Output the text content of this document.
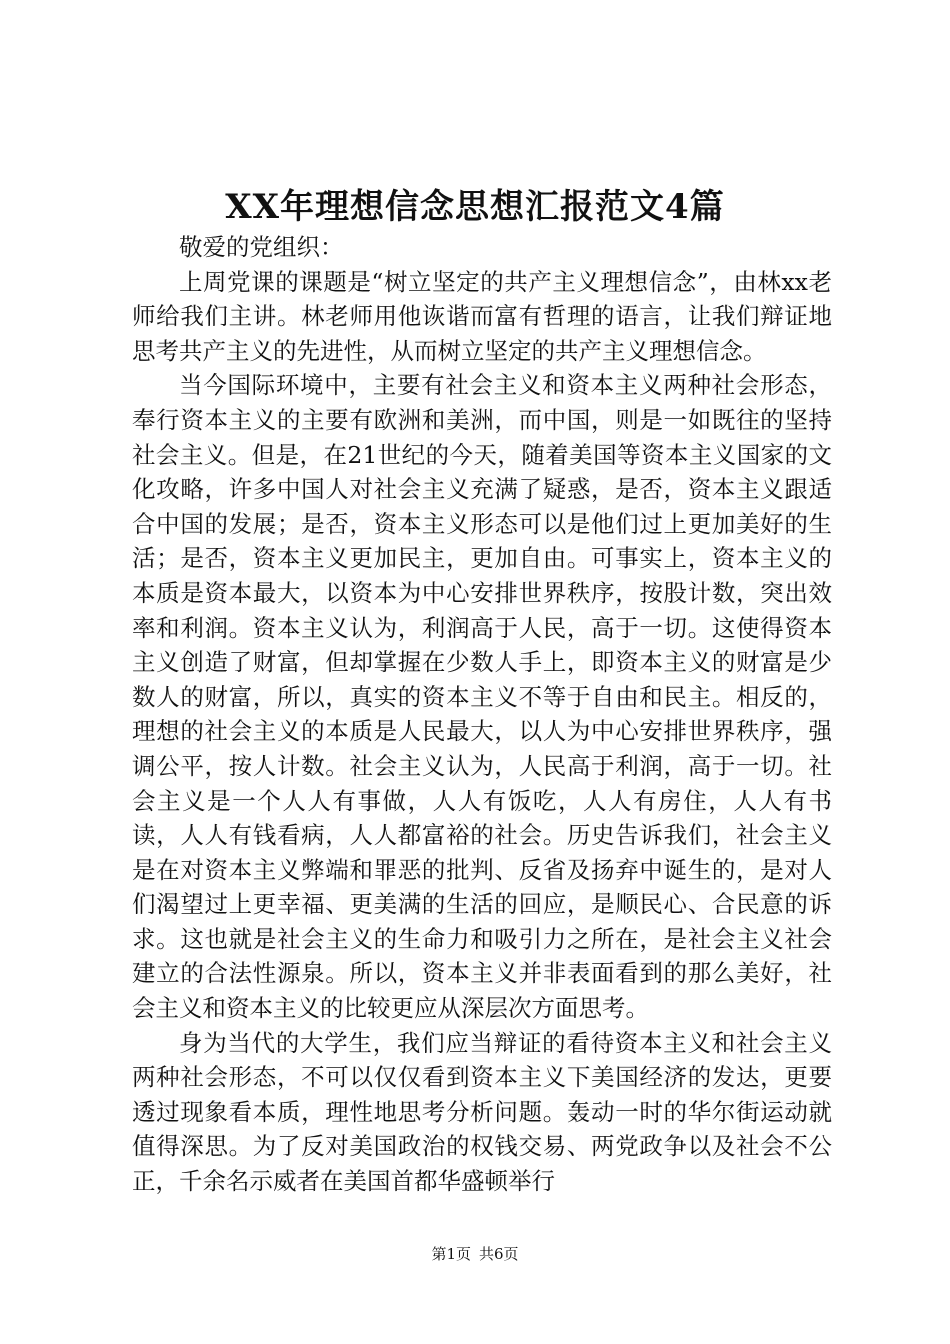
XX年理想信念思想汇报范文4篇

敬爱的党组织：

上周党课的课题是“树立坚定的共产主义理想信念”，由林xx老师给我们主讲。林老师用他诙谐而富有哲理的语言，让我们辩证地思考共产主义的先进性，从而树立坚定的共产主义理想信念。

当今国际环境中，主要有社会主义和资本主义两种社会形态，奉行资本主义的主要有欧洲和美洲，而中国，则是一如既往的坚持社会主义。但是，在21世纪的今天，随着美国等资本主义国家的文化攻略，许多中国人对社会主义充满了疑惑，是否，资本主义跟适合中国的发展；是否，资本主义形态可以是他们过上更加美好的生活；是否，资本主义更加民主，更加自由。可事实上，资本主义的本质是资本最大，以资本为中心安排世界秩序，按股计数，突出效率和利润。资本主义认为，利润高于人民，高于一切。这使得资本主义创造了财富，但却掌握在少数人手上，即资本主义的财富是少数人的财富，所以，真实的资本主义不等于自由和民主。相反的，理想的社会主义的本质是人民最大，以人为中心安排世界秩序，强调公平，按人计数。社会主义认为，人民高于利润，高于一切。社会主义是一个人人有事做，人人有饭吃，人人有房住，人人有书读，人人有钱看病，人人都富裕的社会。历史告诉我们，社会主义是在对资本主义弊端和罪恶的批判、反省及扬弃中诞生的，是对人们渴望过上更幸福、更美满的生活的回应，是顺民心、合民意的诉求。这也就是社会主义的生命力和吸引力之所在，是社会主义社会建立的合法性源泉。所以，资本主义并非表面看到的那么美好，社会主义和资本主义的比较更应从深层次方面思考。

身为当代的大学生，我们应当辩证的看待资本主义和社会主义两种社会形态，不可以仅仅看到资本主义下美国经济的发达，更要透过现象看本质，理性地思考分析问题。轰动一时的华尔街运动就值得深思。为了反对美国政治的权钱交易、两党政争以及社会不公正，千余名示威者在美国首都华盛顿举行

第1页 共6页
